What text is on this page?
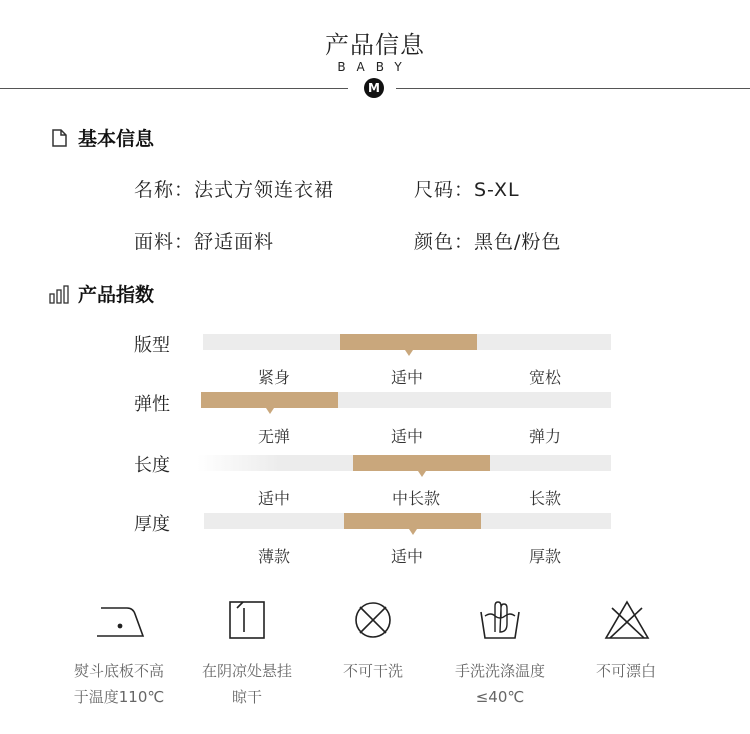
产品信息
BABY
M
基本信息
名称：法式方领连衣裙	尺码：S-XL
面料：舒适面料	颜色：黑色/粉色
产品指数
版型
紧身	适中	宽松
弹性
无弹	适中	弹力
长度
适中	中长款	长款
厚度
薄款	适中	厚款
熨斗底板不高
于温度110℃
在阴凉处悬挂
晾干
不可干洗	手洗洗涤温度
≤40℃
不可漂白
